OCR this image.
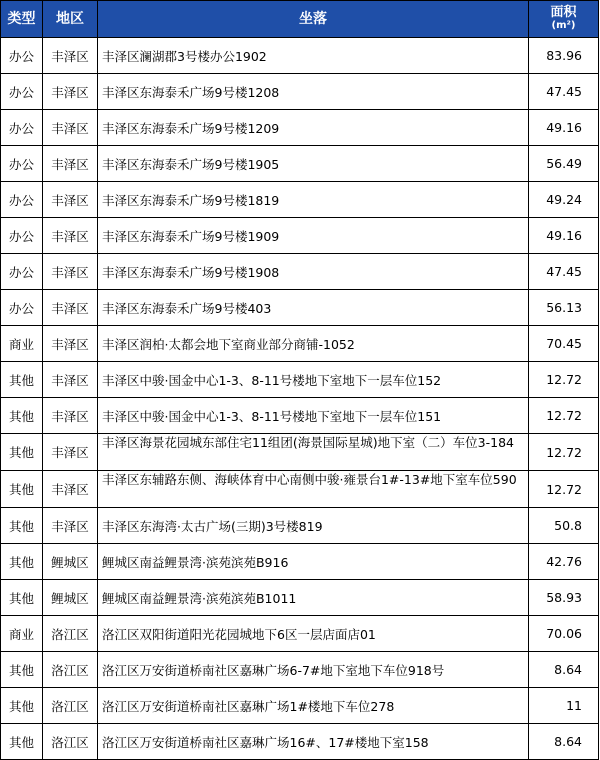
类型	地区	坐落	面积
(m²)

办公	丰泽区	丰泽区澜湖郡3号楼办公1902	83.96
办公	丰泽区	丰泽区东海泰禾广场9号楼1208	47.45
办公	丰泽区	丰泽区东海泰禾广场9号楼1209	49.16
办公	丰泽区	丰泽区东海泰禾广场9号楼1905	56.49
办公	丰泽区	丰泽区东海泰禾广场9号楼1819	49.24
办公	丰泽区	丰泽区东海泰禾广场9号楼1909	49.16
办公	丰泽区	丰泽区东海泰禾广场9号楼1908	47.45
办公	丰泽区	丰泽区东海泰禾广场9号楼403	56.13
商业	丰泽区	丰泽区润柏·太都会地下室商业部分商铺-1052	70.45
其他	丰泽区	丰泽区中骏·国金中心1-3、8-11号楼地下室地下一层车位152	12.72
其他	丰泽区	丰泽区中骏·国金中心1-3、8-11号楼地下室地下一层车位151	12.72
其他	丰泽区	丰泽区海景花园城东部住宅11组团(海景国际星城)地下室（二）车位3-184	12.72
其他	丰泽区	丰泽区东辅路东侧、海峡体育中心南侧中骏·雍景台1#-13#地下室车位590	12.72
其他	丰泽区	丰泽区东海湾·太古广场(三期)3号楼819	50.8
其他	鲤城区	鲤城区南益鲤景湾·滨苑滨苑B916	42.76
其他	鲤城区	鲤城区南益鲤景湾·滨苑滨苑B1011	58.93
商业	洛江区	洛江区双阳街道阳光花园城地下6区一层店面店01	70.06
其他	洛江区	洛江区万安街道桥南社区嘉琳广场6-7#地下室地下车位918号	8.64
其他	洛江区	洛江区万安街道桥南社区嘉琳广场1#楼地下车位278	11
其他	洛江区	洛江区万安街道桥南社区嘉琳广场16#、17#楼地下室158	8.64
